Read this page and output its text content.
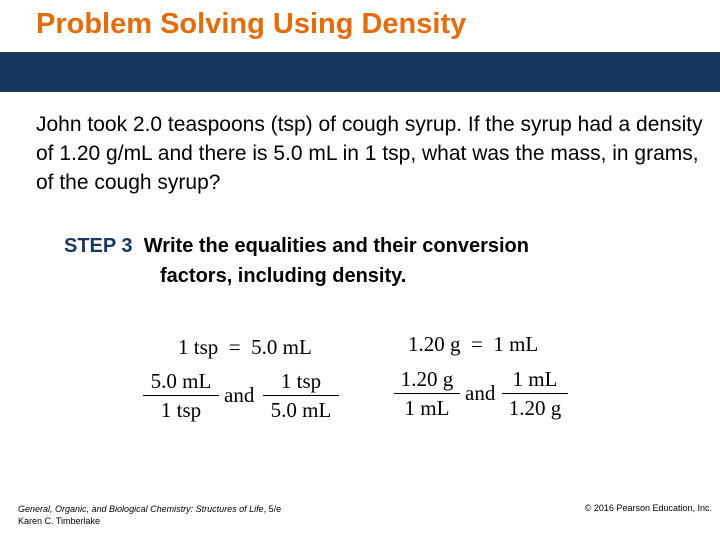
Problem Solving Using Density
John took 2.0 teaspoons (tsp) of cough syrup. If the syrup had a density of 1.20 g/mL and there is 5.0 mL in 1 tsp, what was the mass, in grams, of the cough syrup?
STEP 3 Write the equalities and their conversion
factors, including density.
1 tsp = 5.0 mL
5.0 mL
1 tsp
and
1 tsp
5.0 mL
1.20 g = 1 mL
1.20 g
1 mL
and
1 mL
1.20 g
General, Organic, and Biological Chemistry: Structures of Life, 5/e
Karen C. Timberlake
© 2016 Pearson Education, Inc.
